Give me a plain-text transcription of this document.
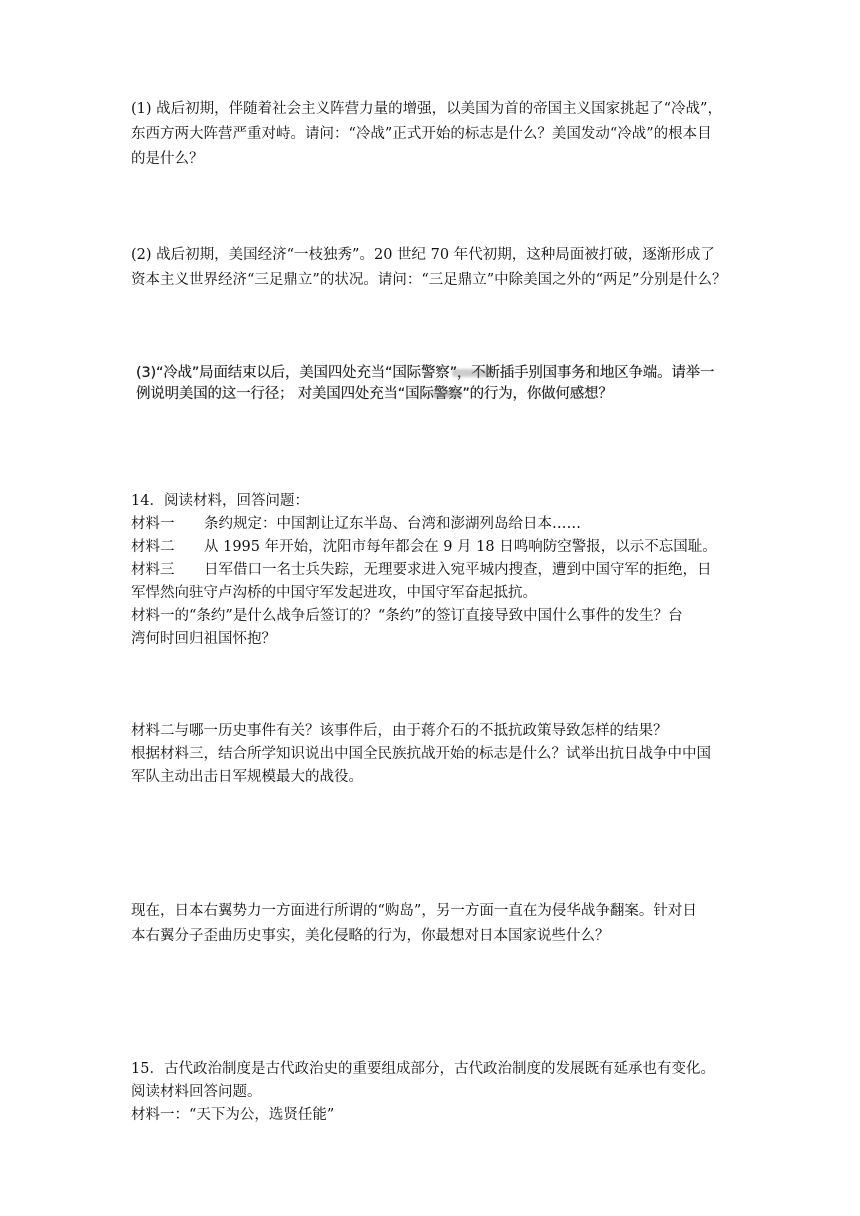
(1) 战后初期，伴随着社会主义阵营力量的增强，以美国为首的帝国主义国家挑起了“冷战”，
东西方两大阵营严重对峙。请问：“冷战”正式开始的标志是什么？美国发动“冷战”的根本目
的是什么？
(2) 战后初期，美国经济“一枝独秀”。20 世纪 70 年代初期，这种局面被打破，逐渐形成了
资本主义世界经济“三足鼎立”的状况。请问：“三足鼎立”中除美国之外的“两足”分别是什么？
(3)“冷战”局面结束以后，美国四处充当“国际警察”，不断插手别国事务和地区争端。请举一
例说明美国的这一行径； 对美国四处充当“国际警察”的行为，你做何感想？
14．阅读材料，回答问题：
材料一 条约规定：中国割让辽东半岛、台湾和澎湖列岛给日本……
材料二 从 1995 年开始，沈阳市每年都会在 9 月 18 日鸣响防空警报，以示不忘国耻。
材料三 日军借口一名士兵失踪，无理要求进入宛平城内搜查，遭到中国守军的拒绝，日
军悍然向驻守卢沟桥的中国守军发起进攻，中国守军奋起抵抗。
材料一的“条约”是什么战争后签订的？“条约”的签订直接导致中国什么事件的发生？台
湾何时回归祖国怀抱？
材料二与哪一历史事件有关？该事件后，由于蒋介石的不抵抗政策导致怎样的结果？
根据材料三，结合所学知识说出中国全民族抗战开始的标志是什么？试举出抗日战争中中国
军队主动出击日军规模最大的战役。
现在，日本右翼势力一方面进行所谓的“购岛”，另一方面一直在为侵华战争翻案。针对日
本右翼分子歪曲历史事实，美化侵略的行为，你最想对日本国家说些什么？
15．古代政治制度是古代政治史的重要组成部分，古代政治制度的发展既有延承也有变化。
阅读材料回答问题。
材料一：“天下为公，选贤任能”
